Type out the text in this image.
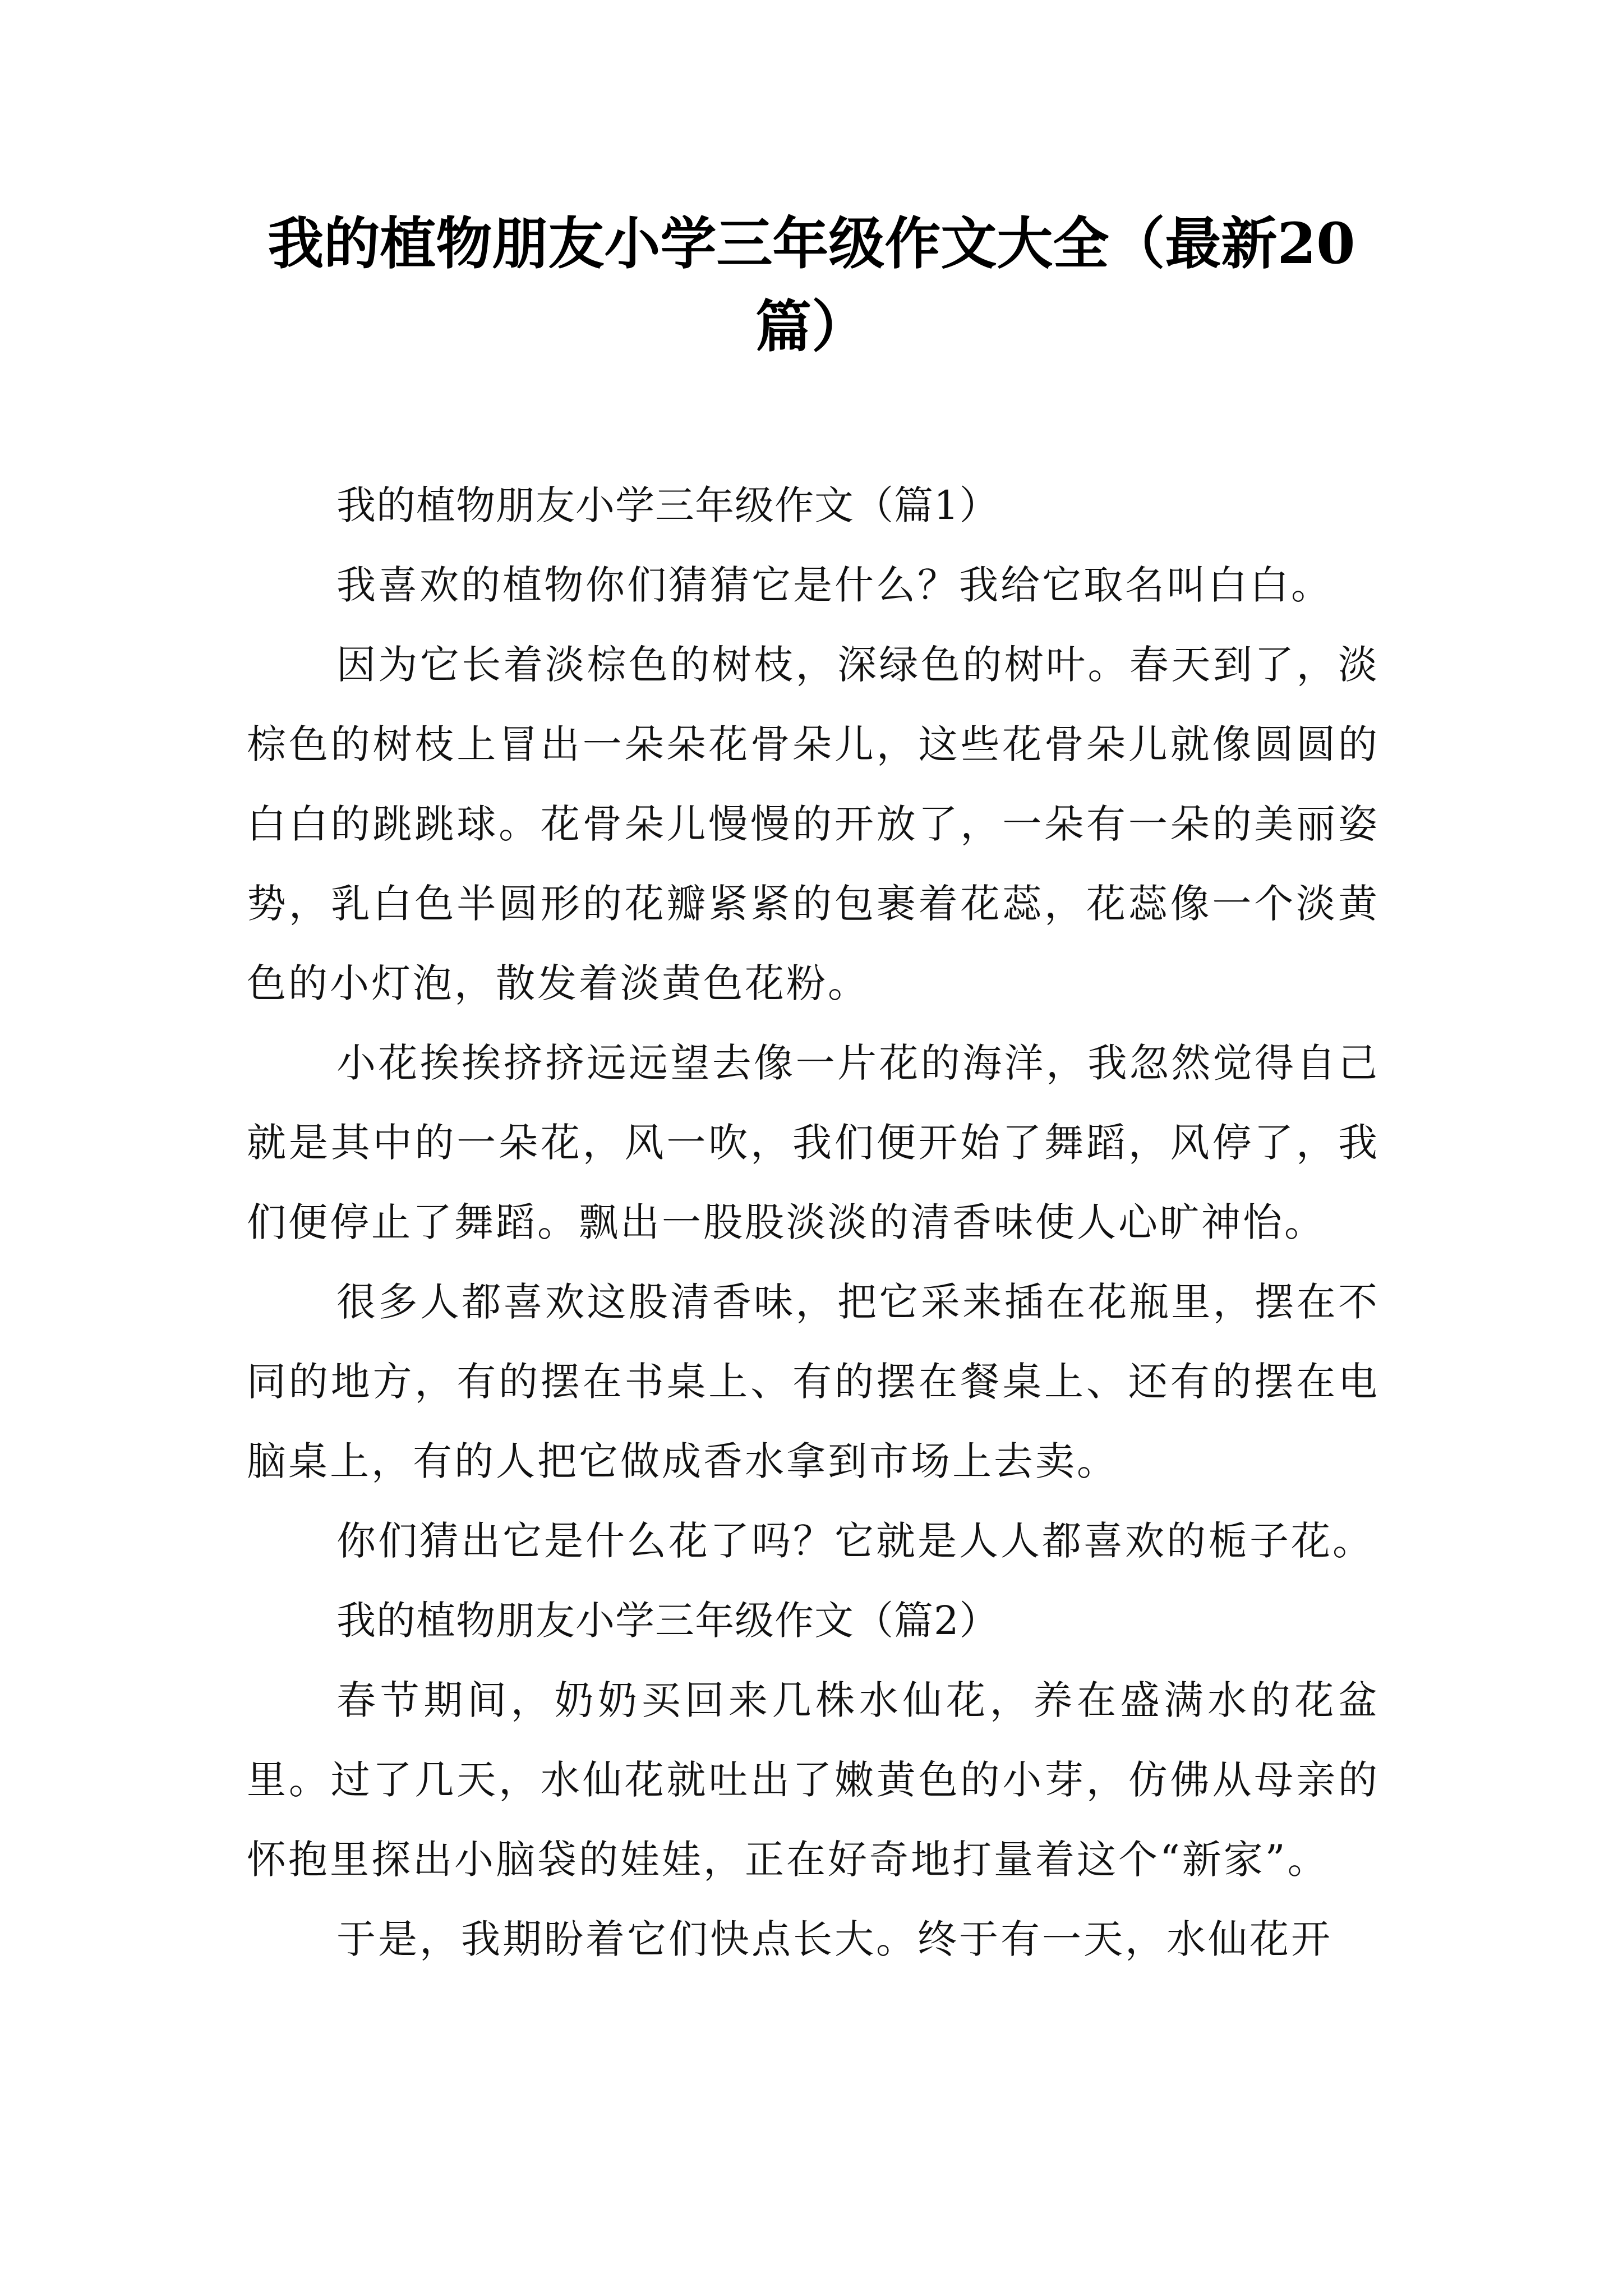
我的植物朋友小学三年级作文大全（最新20篇）

我的植物朋友小学三年级作文（篇1）

我喜欢的植物你们猜猜它是什么？我给它取名叫白白。

因为它长着淡棕色的树枝，深绿色的树叶。春天到了，淡棕色的树枝上冒出一朵朵花骨朵儿，这些花骨朵儿就像圆圆的白白的跳跳球。花骨朵儿慢慢的开放了，一朵有一朵的美丽姿势，乳白色半圆形的花瓣紧紧的包裹着花蕊，花蕊像一个淡黄色的小灯泡，散发着淡黄色花粉。

小花挨挨挤挤远远望去像一片花的海洋，我忽然觉得自己就是其中的一朵花，风一吹，我们便开始了舞蹈，风停了，我们便停止了舞蹈。飘出一股股淡淡的清香味使人心旷神怡。

很多人都喜欢这股清香味，把它采来插在花瓶里，摆在不同的地方，有的摆在书桌上、有的摆在餐桌上、还有的摆在电脑桌上，有的人把它做成香水拿到市场上去卖。

你们猜出它是什么花了吗？它就是人人都喜欢的栀子花。

我的植物朋友小学三年级作文（篇2）

春节期间，奶奶买回来几株水仙花，养在盛满水的花盆里。过了几天，水仙花就吐出了嫩黄色的小芽，仿佛从母亲的怀抱里探出小脑袋的娃娃，正在好奇地打量着这个“新家”。

于是，我期盼着它们快点长大。终于有一天，水仙花开
